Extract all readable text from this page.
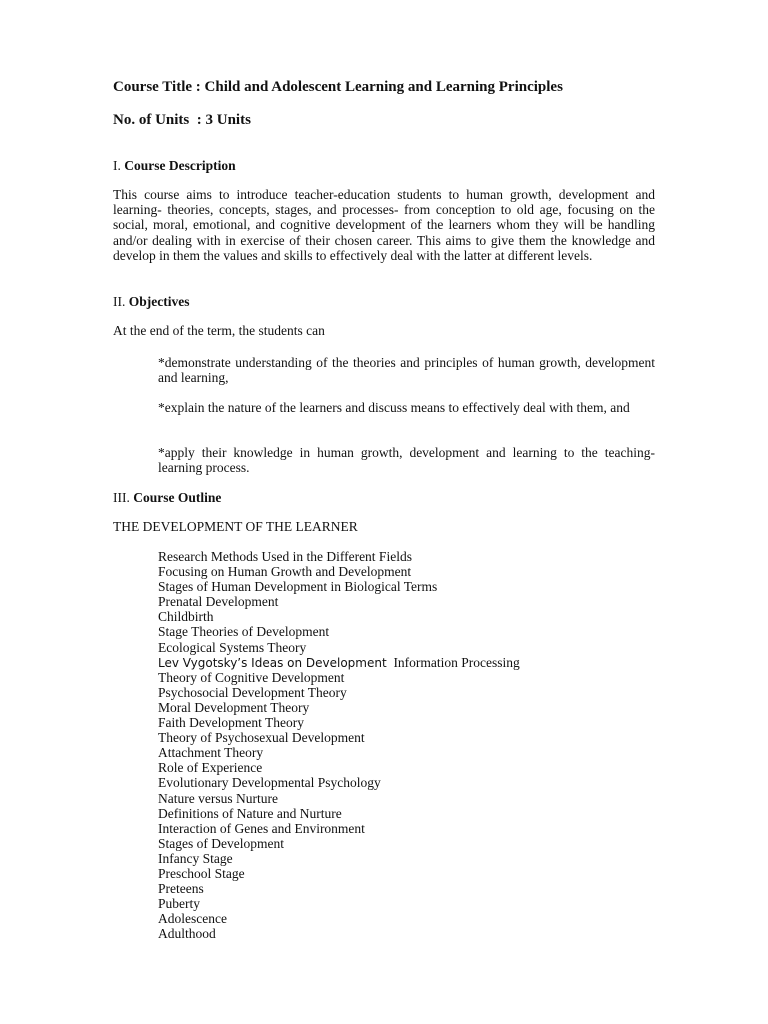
Course Title : Child and Adolescent Learning and Learning Principles
No. of Units  : 3 Units
I. Course Description

This course aims to introduce teacher-education students to human growth, development and learning- theories, concepts, stages, and processes- from conception to old age, focusing on the social, moral, emotional, and cognitive development of the learners whom they will be handling and/or dealing with in exercise of their chosen career. This aims to give them the knowledge and develop in them the values and skills to effectively deal with the latter at different levels.

II. Objectives
At the end of the term, the students can

*demonstrate understanding of the theories and principles of human growth, development and learning,

*explain the nature of the learners and discuss means to effectively deal with them, and

*apply their knowledge in human growth, development and learning to the teaching-learning process.

III. Course Outline
THE DEVELOPMENT OF THE LEARNER
Research Methods Used in the Different Fields
Focusing on Human Growth and Development
Stages of Human Development in Biological Terms
Prenatal Development
Childbirth
Stage Theories of Development
Ecological Systems Theory
Lev Vygotsky’s Ideas on Development  Information Processing
Theory of Cognitive Development
Psychosocial Development Theory
Moral Development Theory
Faith Development Theory
Theory of Psychosexual Development
Attachment Theory
Role of Experience
Evolutionary Developmental Psychology
Nature versus Nurture
Definitions of Nature and Nurture
Interaction of Genes and Environment
Stages of Development
Infancy Stage
Preschool Stage
Preteens
Puberty
Adolescence
Adulthood
